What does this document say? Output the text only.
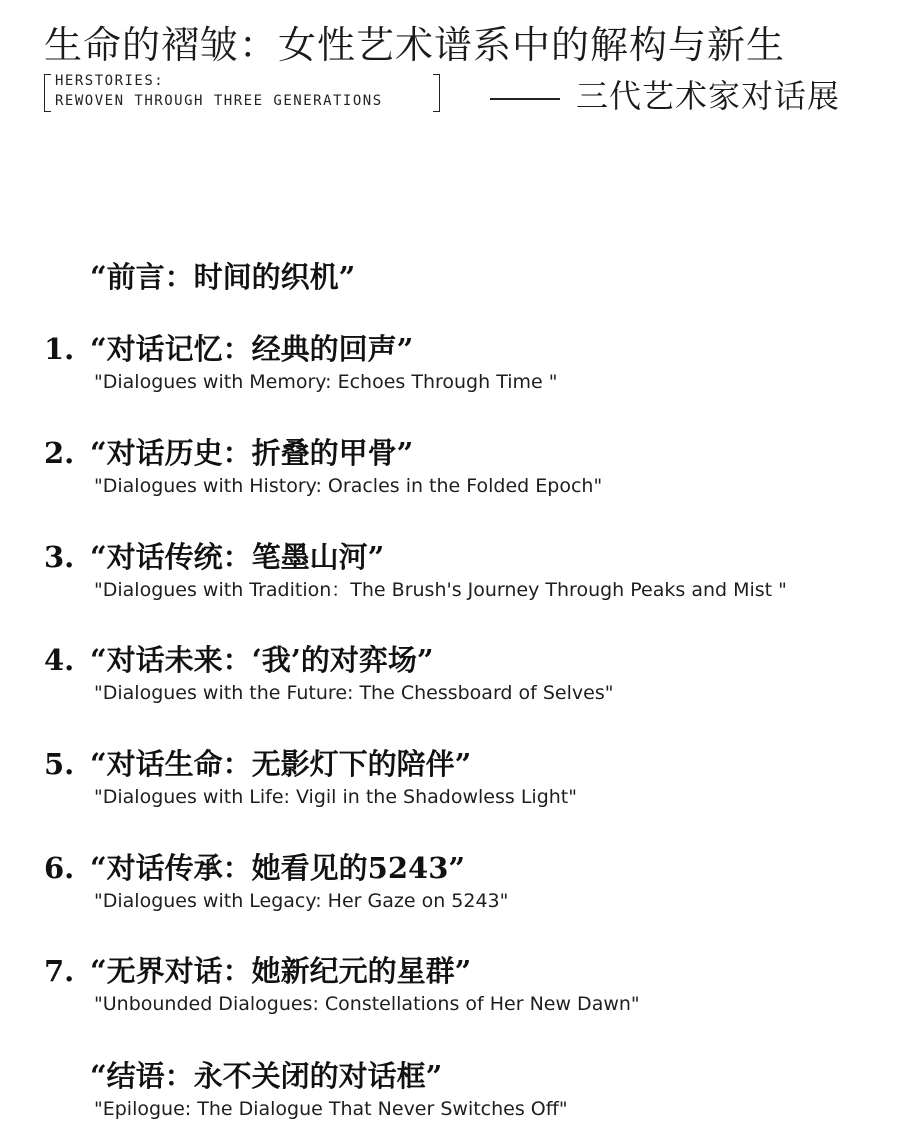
生命的褶皱：女性艺术谱系中的解构与新生
HERSTORIES:
REWOVEN THROUGH THREE GENERATIONS	三代艺术家对话展
“前言：时间的织机”
1. “对话记忆：经典的回声”
"Dialogues with Memory: Echoes Through Time "
2. “对话历史：折叠的甲骨”
"Dialogues with History: Oracles in the Folded Epoch"
3. “对话传统：笔墨山河”
"Dialogues with Tradition：The Brush's Journey Through Peaks and Mist "
4. “对话未来：‘我’的对弈场”
"Dialogues with the Future: The Chessboard of Selves"
5. “对话生命：无影灯下的陪伴”
"Dialogues with Life: Vigil in the Shadowless Light"
6. “对话传承：她看见的5243”
"Dialogues with Legacy: Her Gaze on 5243"
7. “无界对话：她新纪元的星群”
"Unbounded Dialogues: Constellations of Her New Dawn"
“结语：永不关闭的对话框”
"Epilogue: The Dialogue That Never Switches Off"
